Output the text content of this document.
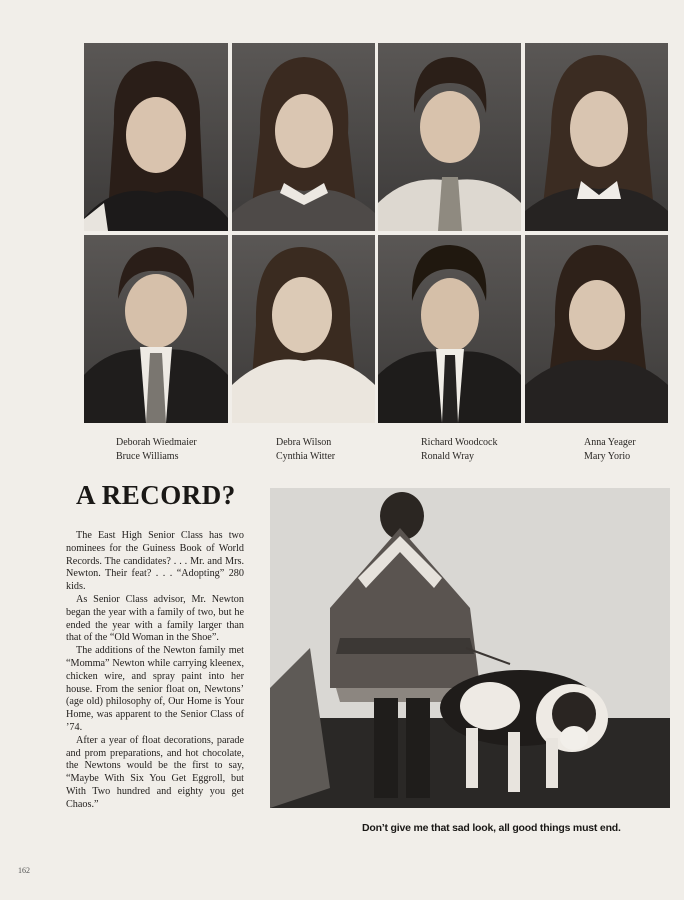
Deborah Wiedmaier
Bruce Williams
Debra Wilson
Cynthia Witter
Richard Woodcock
Ronald Wray
Anna Yeager
Mary Yorio
A RECORD?

The East High Senior Class has two nominees for the Guiness Book of World Records. The candidates? . . . Mr. and Mrs. Newton. Their feat? . . . “Adopting” 280 kids.

As Senior Class advisor, Mr. Newton began the year with a family of two, but he ended the year with a family larger than that of the “Old Woman in the Shoe”.

The additions of the Newton family met “Momma” Newton while carrying kleenex, chicken wire, and spray paint into her house. From the senior float on, Newtons’ (age old) philosophy of, Our Home is Your Home, was apparent to the Senior Class of ’74.

After a year of float decorations, parade and prom preparations, and hot chocolate, the Newtons would be the first to say, “Maybe With Six You Get Eggroll, but With Two hundred and eighty you get Chaos.”

Don’t give me that sad look, all good things must end.
162
